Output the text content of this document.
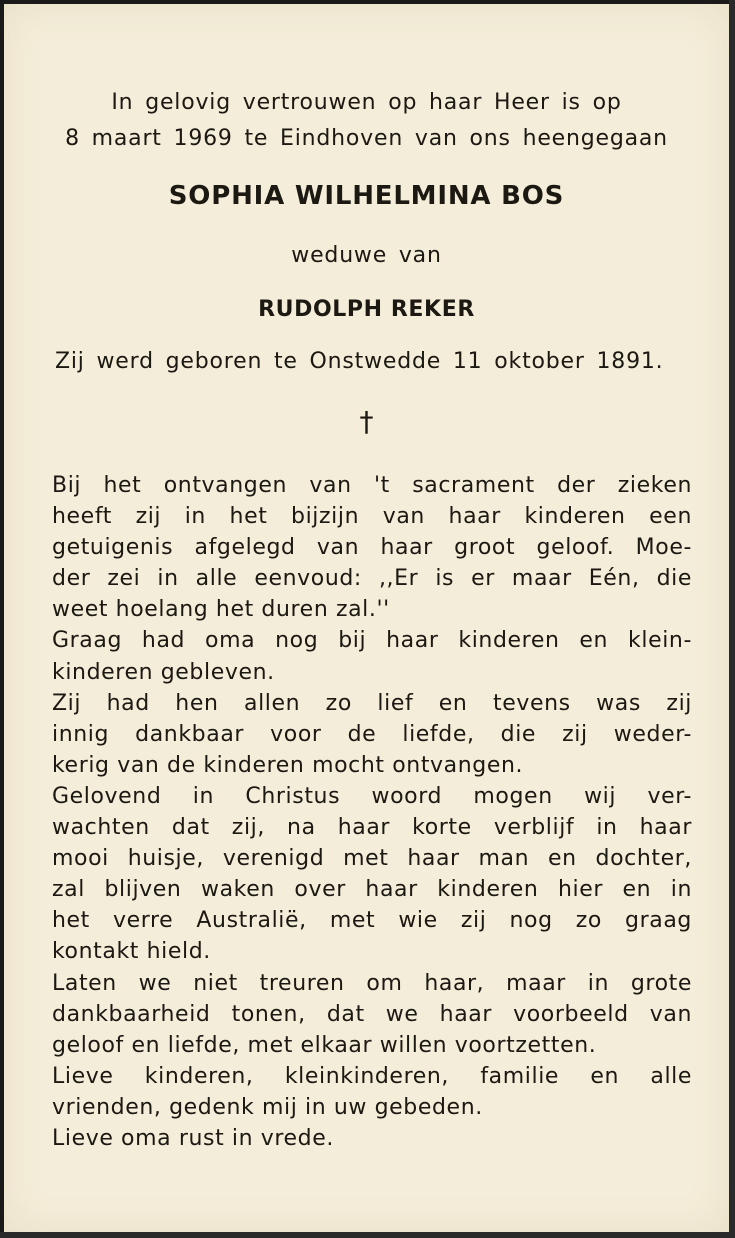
In gelovig vertrouwen op haar Heer is op
8 maart 1969 te Eindhoven van ons heengegaan
SOPHIA WILHELMINA BOS
weduwe van
RUDOLPH REKER
Zij werd geboren te Onstwedde 11 oktober 1891.
†
Bij het ontvangen van 't sacrament der zieken
heeft zij in het bijzijn van haar kinderen een
getuigenis afgelegd van haar groot geloof. Moe-
der zei in alle eenvoud: ,,Er is er maar Eén, die
weet hoelang het duren zal.''
Graag had oma nog bij haar kinderen en klein-
kinderen gebleven.
Zij had hen allen zo lief en tevens was zij
innig dankbaar voor de liefde, die zij weder-
kerig van de kinderen mocht ontvangen.
Gelovend in Christus woord mogen wij ver-
wachten dat zij, na haar korte verblijf in haar
mooi huisje, verenigd met haar man en dochter,
zal blijven waken over haar kinderen hier en in
het verre Australië, met wie zij nog zo graag
kontakt hield.
Laten we niet treuren om haar, maar in grote
dankbaarheid tonen, dat we haar voorbeeld van
geloof en liefde, met elkaar willen voortzetten.
Lieve kinderen, kleinkinderen, familie en alle
vrienden, gedenk mij in uw gebeden.
Lieve oma rust in vrede.
